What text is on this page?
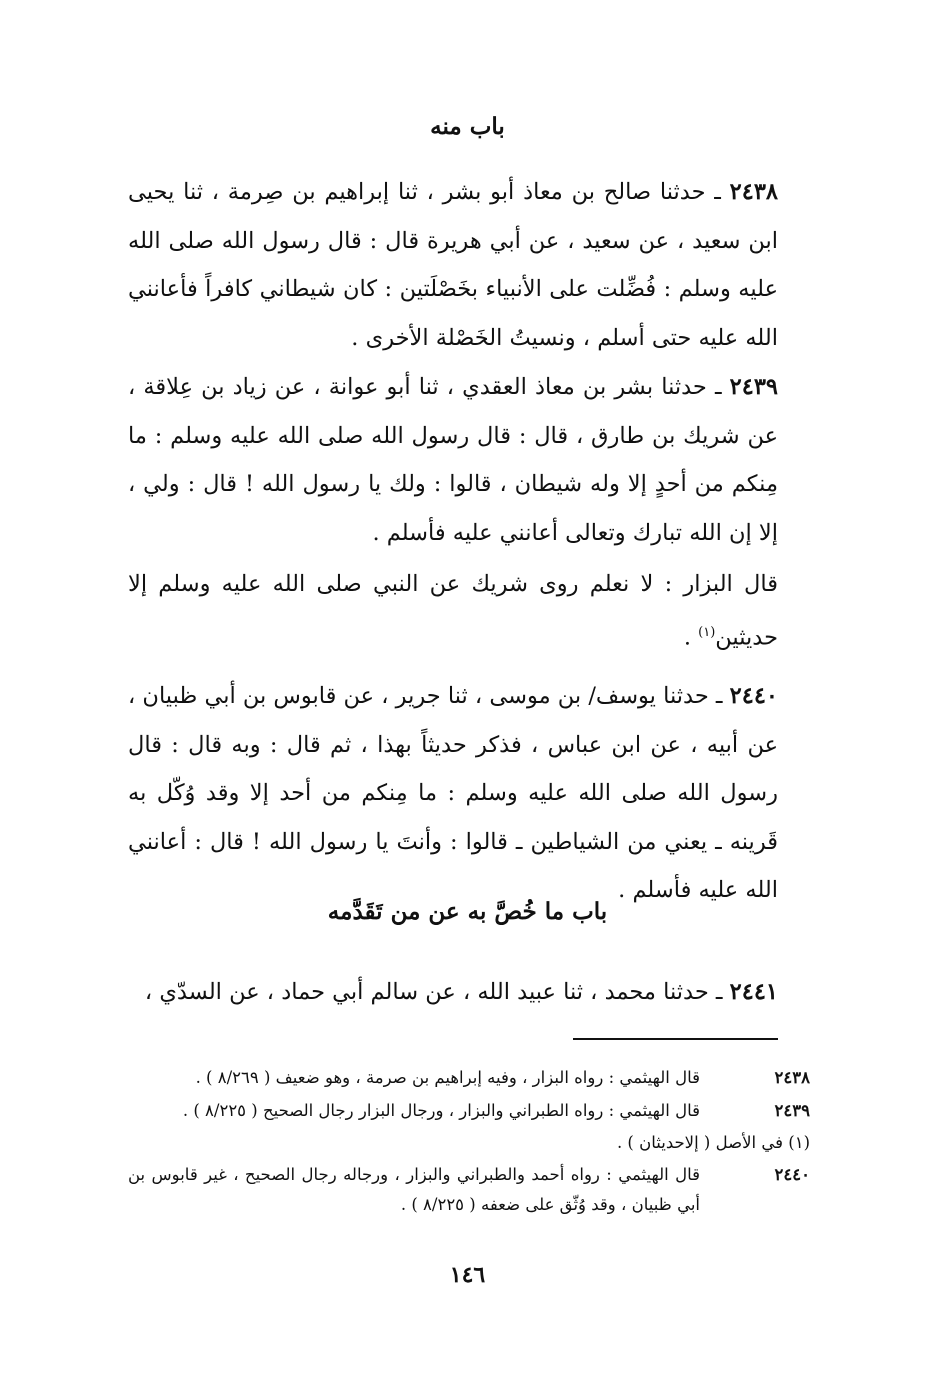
باب منه
٢٤٣٨ ـ حدثنا صالح بن معاذ أبو بشر ، ثنا إبراهيم بن صِرمة ، ثنا يحيى ابن سعيد ، عن سعيد ، عن أبي هريرة قال : قال رسول الله صلى الله عليه وسلم : فُضِّلت على الأنبياء بخَصْلَتين : كان شيطاني كافراً فأعانني الله عليه حتى أسلم ، ونسيتُ الخَصْلة الأخرى .
٢٤٣٩ ـ حدثنا بشر بن معاذ العقدي ، ثنا أبو عوانة ، عن زياد بن عِلاقة ، عن شريك بن طارق ، قال : قال رسول الله صلى الله عليه وسلم : ما مِنكم من أحدٍ إلا وله شيطان ، قالوا : ولك يا رسول الله ! قال : ولي ، إلا إن الله تبارك وتعالى أعانني عليه فأسلم .
قال البزار : لا نعلم روى شريك عن النبي صلى الله عليه وسلم إلا حديثين$^{(١)}$ .
٢٤٤٠ ـ حدثنا يوسف/ بن موسى ، ثنا جرير ، عن قابوس بن أبي ظبيان ، عن أبيه ، عن ابن عباس ، فذكر حديثاً بهذا ، ثم قال : وبه قال : قال رسول الله صلى الله عليه وسلم : ما مِنكم من أحد إلا وقد وُكّل به قَرينه ـ يعني من الشياطين ـ قالوا : وأنتَ يا رسول الله ! قال : أعانني الله عليه فأسلم .
باب ما خُصَّ به عن من تَقَدَّمه
٢٤٤١ ـ حدثنا محمد ، ثنا عبيد الله ، عن سالم أبي حماد ، عن السدّي ،
٢٤٣٨
قال الهيثمي : رواه البزار ، وفيه إبراهيم بن صرمة ، وهو ضعيف ( ٨/٢٦٩ ) .
٢٤٣٩
قال الهيثمي : رواه الطبراني والبزار ، ورجال البزار رجال الصحيح ( ٨/٢٢٥ ) .
(١) في الأصل ( إلاحديثان ) .
٢٤٤٠
قال الهيثمي : رواه أحمد والطبراني والبزار ، ورجاله رجال الصحيح ، غير قابوس بن أبي ظبيان ، وقد وُثّق على ضعفه ( ٨/٢٢٥ ) .
١٤٦
